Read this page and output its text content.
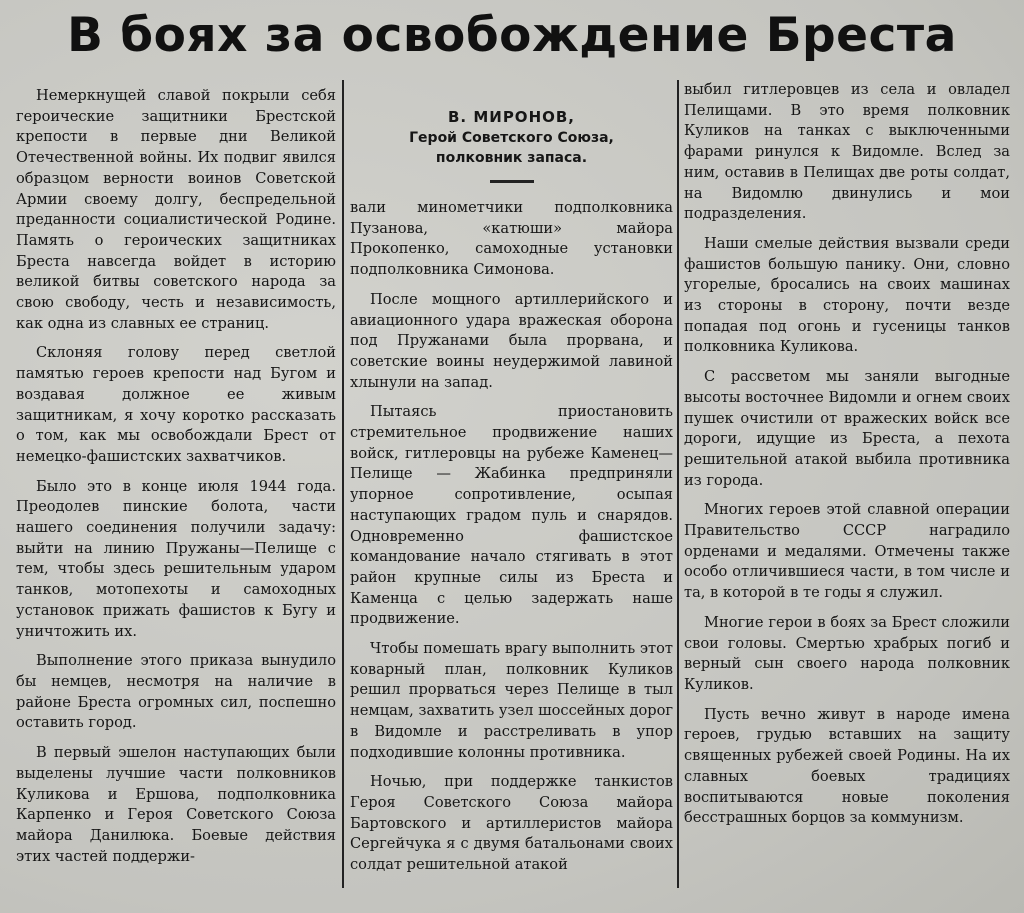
В боях за освобождение Бреста

Немеркнущей славой покрыли себя героические защитники Брестской крепости в первые дни Великой Отечественной войны. Их подвиг явился образцом верности воинов Советской Армии своему долгу, беспредельной преданности социалистической Родине. Память о героических защитниках Бреста навсегда войдет в историю великой битвы советского народа за свою свободу, честь и независимость, как одна из славных ее страниц.

Склоняя голову перед светлой памятью героев крепости над Бугом и воздавая должное ее живым защитникам, я хочу коротко рассказать о том, как мы освобождали Брест от немецко-фашистских захватчиков.

Было это в конце июля 1944 года. Преодолев пинские болота, части нашего соединения получили задачу: выйти на линию Пружаны—Пелище с тем, чтобы здесь решительным ударом танков, мотопехоты и самоходных установок прижать фашистов к Бугу и уничтожить их.

Выполнение этого приказа вынудило бы немцев, несмотря на наличие в районе Бреста огромных сил, поспешно оставить город.

В первый эшелон наступающих были выделены лучшие части полковников Куликова и Ершова, подполковника Карпенко и Героя Советского Союза майора Данилюка. Боевые действия этих частей поддержи-

В. МИРОНОВ,
Герой Советского Союза,
полковник запаса.

вали минометчики подполковника Пузанова, «катюши» майора Прокопенко, самоходные установки подполковника Симонова.

После мощного артиллерийского и авиационного удара вражеская оборона под Пружанами была прорвана, и советские воины неудержимой лавиной хлынули на запад.

Пытаясь приостановить стремительное продвижение наших войск, гитлеровцы на рубеже Каменец—Пелище — Жабинка предприняли упорное сопротивление, осыпая наступающих градом пуль и снарядов. Одновременно фашистское командование начало стягивать в этот район крупные силы из Бреста и Каменца с целью задержать наше продвижение.

Чтобы помешать врагу выполнить этот коварный план, полковник Куликов решил прорваться через Пелище в тыл немцам, захватить узел шоссейных дорог в Видомле и расстреливать в упор подходившие колонны противника.

Ночью, при поддержке танкистов Героя Советского Союза майора Бартовского и артиллеристов майора Сергейчука я с двумя батальонами своих солдат решительной атакой

выбил гитлеровцев из села и овладел Пелищами. В это время полковник Куликов на танках с выключенными фарами ринулся к Видомле. Вслед за ним, оставив в Пелищах две роты солдат, на Видомлю двинулись и мои подразделения.

Наши смелые действия вызвали среди фашистов большую панику. Они, словно угорелые, бросались на своих машинах из стороны в сторону, почти везде попадая под огонь и гусеницы танков полковника Куликова.

С рассветом мы заняли выгодные высоты восточнее Видомли и огнем своих пушек очистили от вражеских войск все дороги, идущие из Бреста, а пехота решительной атакой выбила противника из города.

Многих героев этой славной операции Правительство СССР наградило орденами и медалями. Отмечены также особо отличившиеся части, в том числе и та, в которой в те годы я служил.

Многие герои в боях за Брест сложили свои головы. Смертью храбрых погиб и верный сын своего народа полковник Куликов.

Пусть вечно живут в народе имена героев, грудью вставших на защиту священных рубежей своей Родины. На их славных боевых традициях воспитываются новые поколения бесстрашных борцов за коммунизм.
